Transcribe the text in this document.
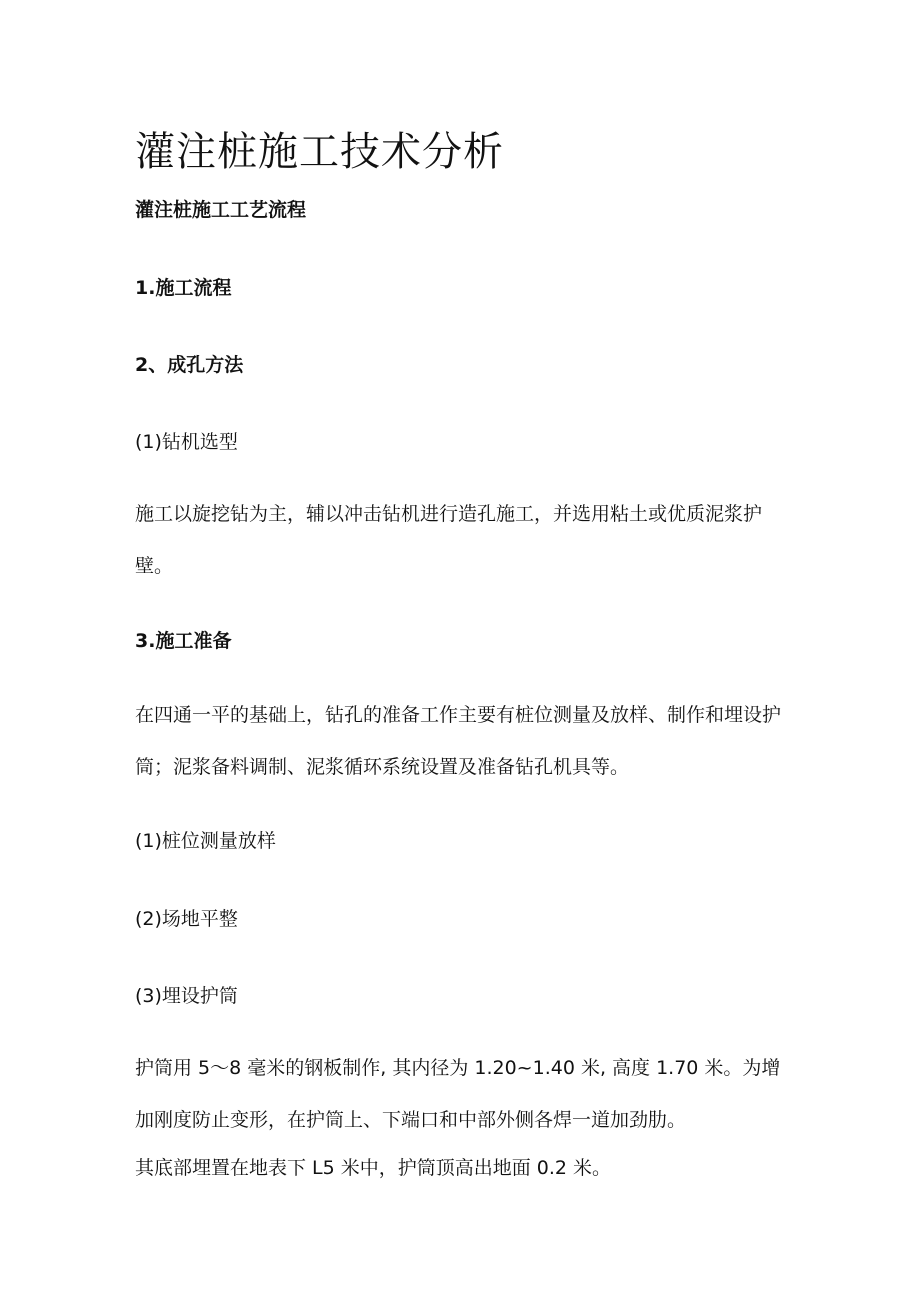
灌注桩施工技术分析
灌注桩施工工艺流程
1.施工流程
2、成孔方法
(1)钻机选型

施工以旋挖钻为主，辅以冲击钻机进行造孔施工，并选用粘土或优质泥浆护壁。

3.施工准备

在四通一平的基础上，钻孔的准备工作主要有桩位测量及放样、制作和埋设护筒；泥浆备料调制、泥浆循环系统设置及准备钻孔机具等。

(1)桩位测量放样
(2)场地平整
(3)埋设护筒

护筒用 5～8 毫米的钢板制作, 其内径为 1.20~1.40 米, 高度 1.70 米。为增加刚度防止变形，在护筒上、下端口和中部外侧各焊一道加劲肋。

其底部埋置在地表下 L5 米中，护筒顶高出地面 0.2 米。
